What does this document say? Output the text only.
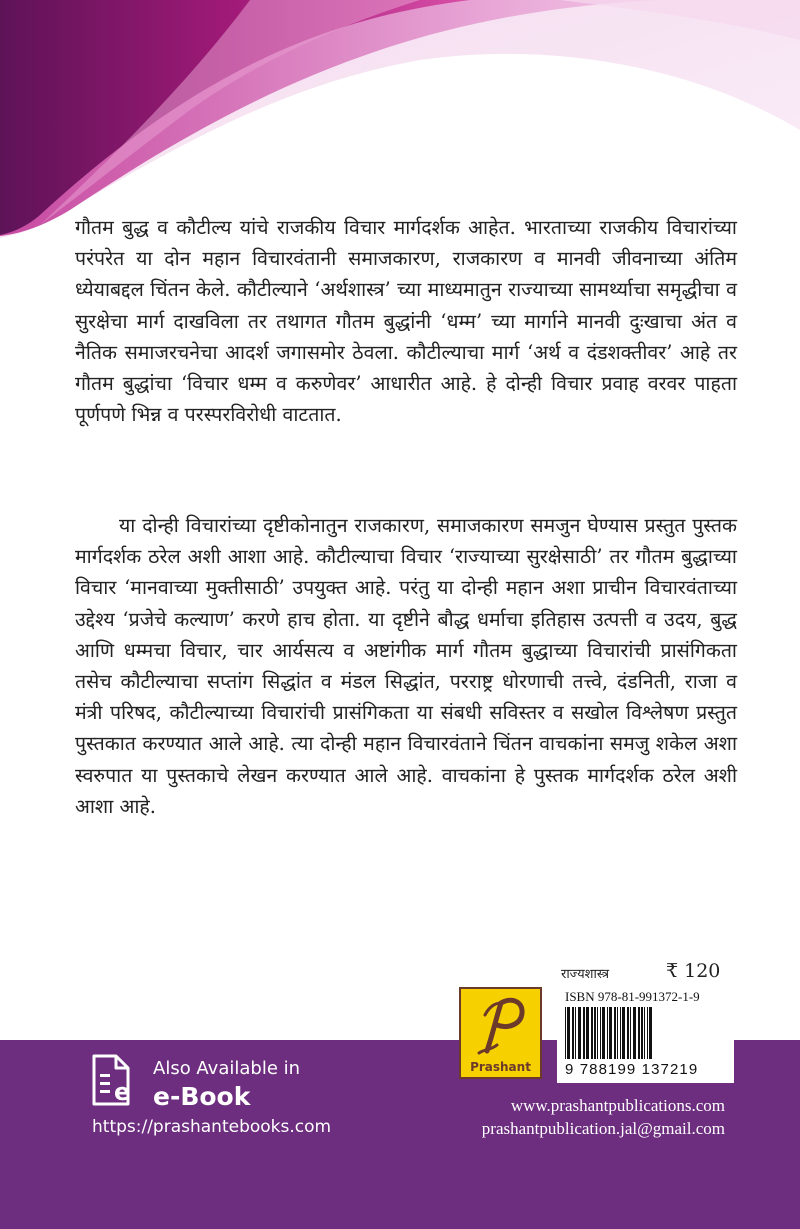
गौतम बुद्ध व कौटील्य यांचे राजकीय विचार मार्गदर्शक आहेत. भारताच्या राजकीय विचारांच्या परंपरेत या दोन महान विचारवंतानी समाजकारण, राजकारण व मानवी जीवनाच्या अंतिम ध्येयाबद्दल चिंतन केले. कौटील्याने ‘अर्थशास्त्र’ च्या माध्यमातुन राज्याच्या सामर्थ्याचा समृद्धीचा व सुरक्षेचा मार्ग दाखविला तर तथागत गौतम बुद्धांनी ‘धम्म’ च्या मार्गाने मानवी दुःखाचा अंत व नैतिक समाजरचनेचा आदर्श जगासमोर ठेवला. कौटील्याचा मार्ग ‘अर्थ व दंडशक्तीवर’ आहे तर गौतम बुद्धांचा ‘विचार धम्म व करुणेवर’ आधारीत आहे. हे दोन्ही विचार प्रवाह वरवर पाहता पूर्णपणे भिन्न व परस्परविरोधी वाटतात.

या दोन्ही विचारांच्या दृष्टीकोनातुन राजकारण, समाजकारण समजुन घेण्यास प्रस्तुत पुस्तक मार्गदर्शक ठरेल अशी आशा आहे. कौटील्याचा विचार ‘राज्याच्या सुरक्षेसाठी’ तर गौतम बुद्धाच्या विचार ‘मानवाच्या मुक्तीसाठी’ उपयुक्त आहे. परंतु या दोन्ही महान अशा प्राचीन विचारवंताच्या उद्देश्य ‘प्रजेचे कल्याण’ करणे हाच होता. या दृष्टीने बौद्ध धर्माचा इतिहास उत्पत्ती व उदय, बुद्ध आणि धम्मचा विचार, चार आर्यसत्य व अष्टांगीक मार्ग गौतम बुद्धाच्या विचारांची प्रासंगिकता तसेच कौटील्याचा सप्तांग सिद्धांत व मंडल सिद्धांत, परराष्ट्र धोरणाची तत्त्वे, दंडनिती, राजा व मंत्री परिषद, कौटील्याच्या विचारांची प्रासंगिकता या संबधी सविस्तर व सखोल विश्लेषण प्रस्तुत पुस्तकात करण्यात आले आहे. त्या दोन्ही महान विचारवंताने चिंतन वाचकांना समजु शकेल अशा स्वरुपात या पुस्तकाचे लेखन करण्यात आले आहे. वाचकांना हे पुस्तक मार्गदर्शक ठरेल अशी आशा आहे.

राज्यशास्त्र	₹ 120
Prashant
ISBN 978-81-991372-1-9
9 788199 137219
e
Also Available in
e-Book
https://prashantebooks.com
www.prashantpublications.com
prashantpublication.jal@gmail.com
